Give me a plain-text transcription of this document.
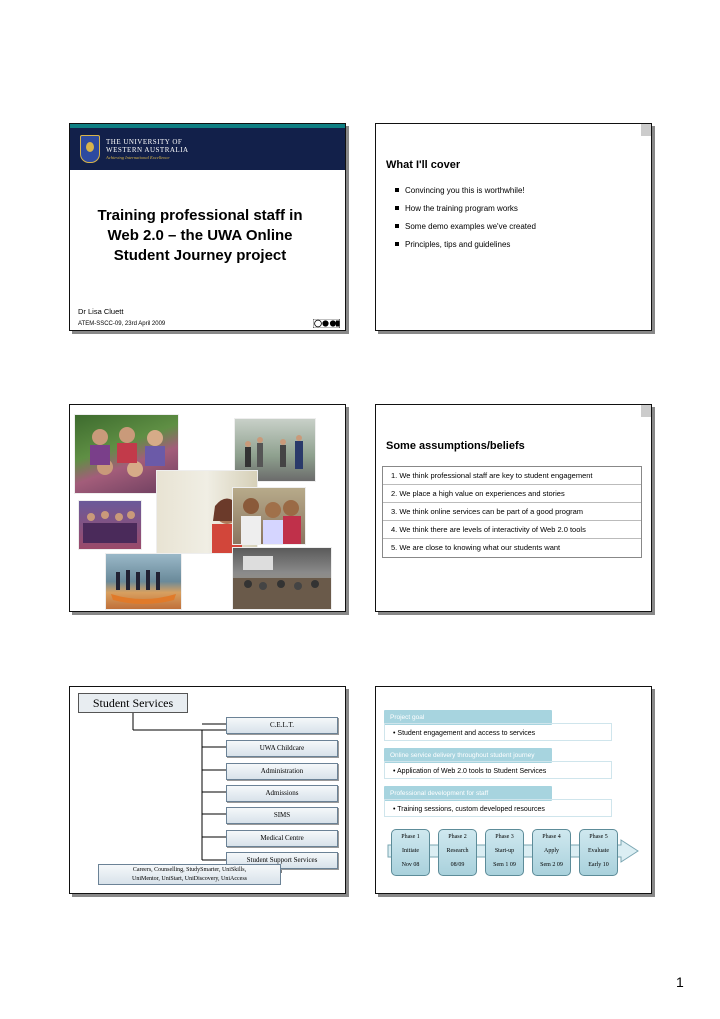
THE UNIVERSITY OF
WESTERN AUSTRALIA
Achieving International Excellence
Training professional staff in
Web 2.0 – the UWA Online
Student Journey project
Dr Lisa Cluett
ATEM-SSCC-09, 23rd April 2009
What I'll cover
Convincing you this is worthwhile!
How the training program works
Some demo examples we've created
Principles, tips and guidelines
Some assumptions/beliefs
1. We think professional staff are key to student engagement
2. We place a high value on experiences and stories
3. We think online services can be part of a good program
4. We think there are levels of interactivity of Web 2.0 tools
5. We are close to knowing what our students want
Student Services
C.E.L.T.
UWA Childcare
Administration
Admissions
SIMS
Medical Centre
Student Support Services
Careers, Counselling, StudySmarter, UniSkills,
UniMentor, UniStart, UniDiscovery, UniAccess
Project goal
• Student engagement and access to services
Online service delivery throughout student journey
• Application of Web 2.0 tools to Student Services
Professional development for staff
• Training sessions, custom developed resources
Phase 1
Initiate
Nov 08
Phase 2
Research
08/09
Phase 3
Start-up
Sem 1 09
Phase 4
Apply
Sem 2 09
Phase 5
Evaluate
Early 10
1
